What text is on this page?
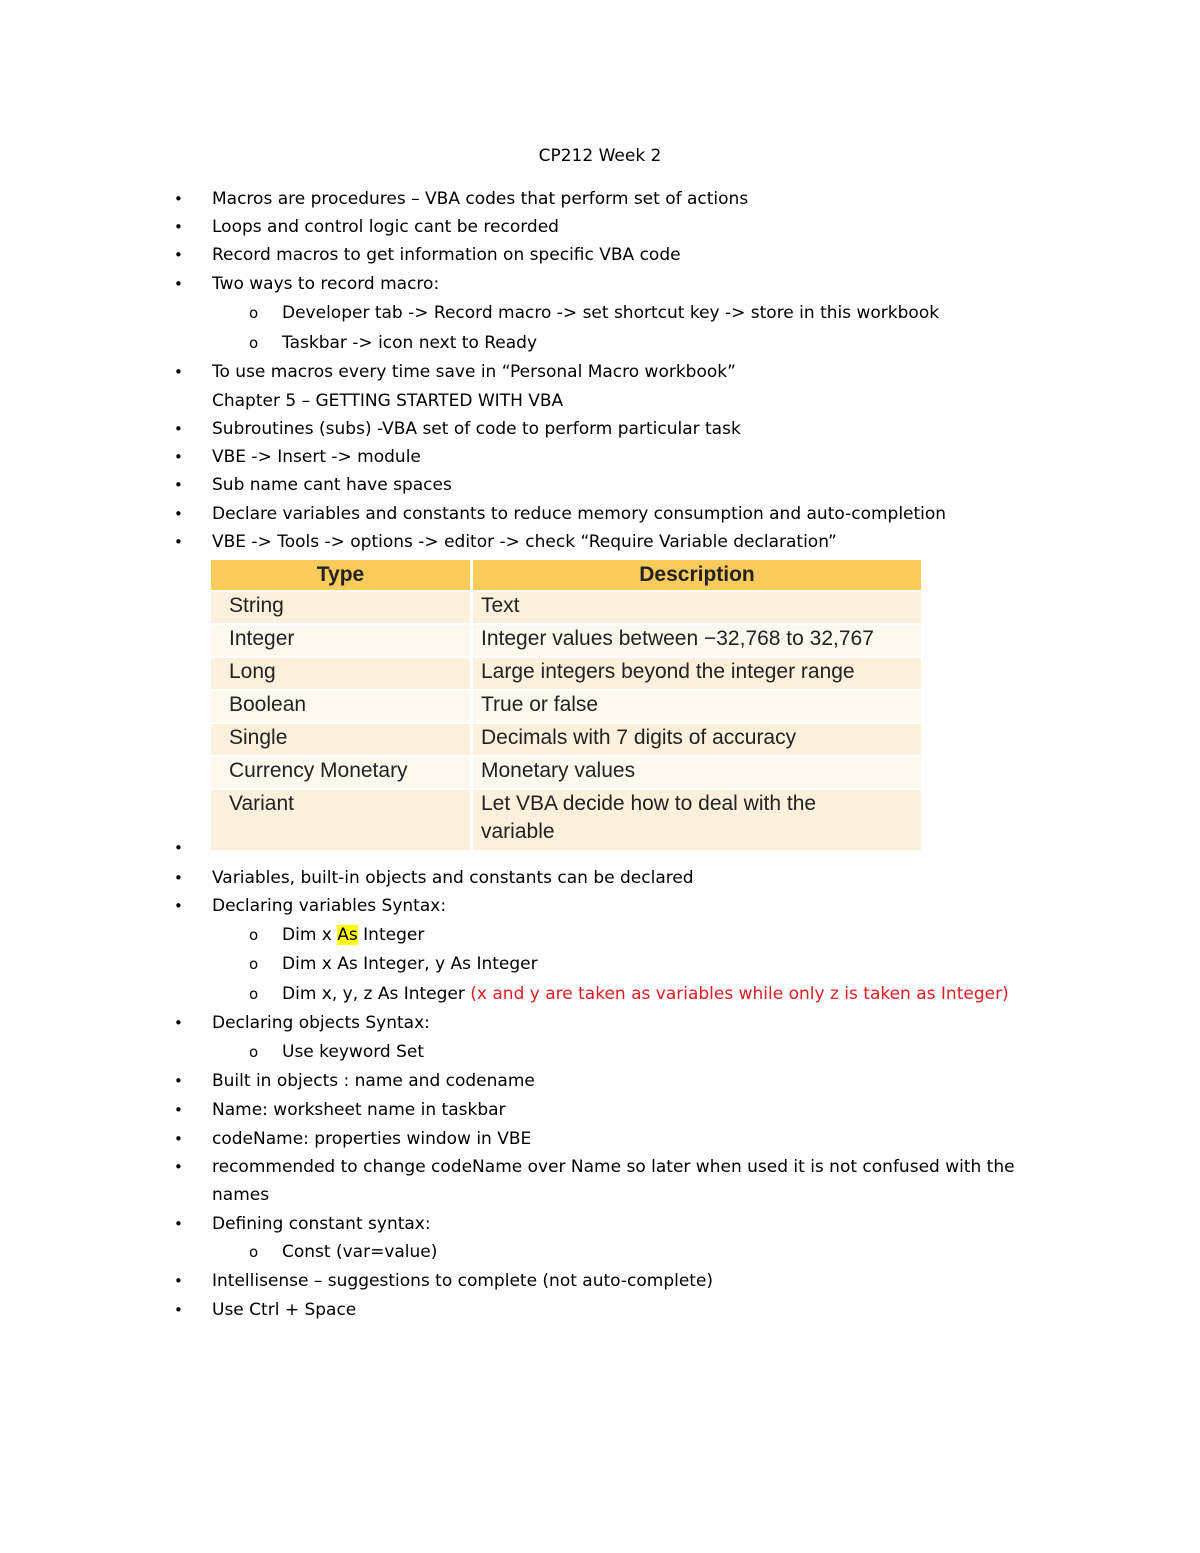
CP212 Week 2
• Macros are procedures – VBA codes that perform set of actions
• Loops and control logic cant be recorded
• Record macros to get information on specific VBA code
• Two ways to record macro:
o Developer tab -> Record macro -> set shortcut key -> store in this workbook
o Taskbar -> icon next to Ready
• To use macros every time save in “Personal Macro workbook”
Chapter 5 – GETTING STARTED WITH VBA
• Subroutines (subs) -VBA set of code to perform particular task
• VBE -> Insert -> module
• Sub name cant have spaces
• Declare variables and constants to reduce memory consumption and auto-completion
• VBE -> Tools -> options -> editor -> check “Require Variable declaration”
Type		Description
String		Text
Integer		Integer values between −32,768 to 32,767
Long		Large integers beyond the integer range
Boolean		True or false
Single		Decimals with 7 digits of accuracy
Currency Monetary		Monetary values
Variant		Let VBA decide how to deal with the variable
•
• Variables, built-in objects and constants can be declared
• Declaring variables Syntax:
o Dim x As Integer
o Dim x As Integer, y As Integer
o Dim x, y, z As Integer (x and y are taken as variables while only z is taken as Integer)
• Declaring objects Syntax:
o Use keyword Set
• Built in objects : name and codename
• Name: worksheet name in taskbar
• codeName: properties window in VBE
• recommended to change codeName over Name so later when used it is not confused with the
names
• Defining constant syntax:
o Const (var=value)
• Intellisense – suggestions to complete (not auto-complete)
• Use Ctrl + Space
